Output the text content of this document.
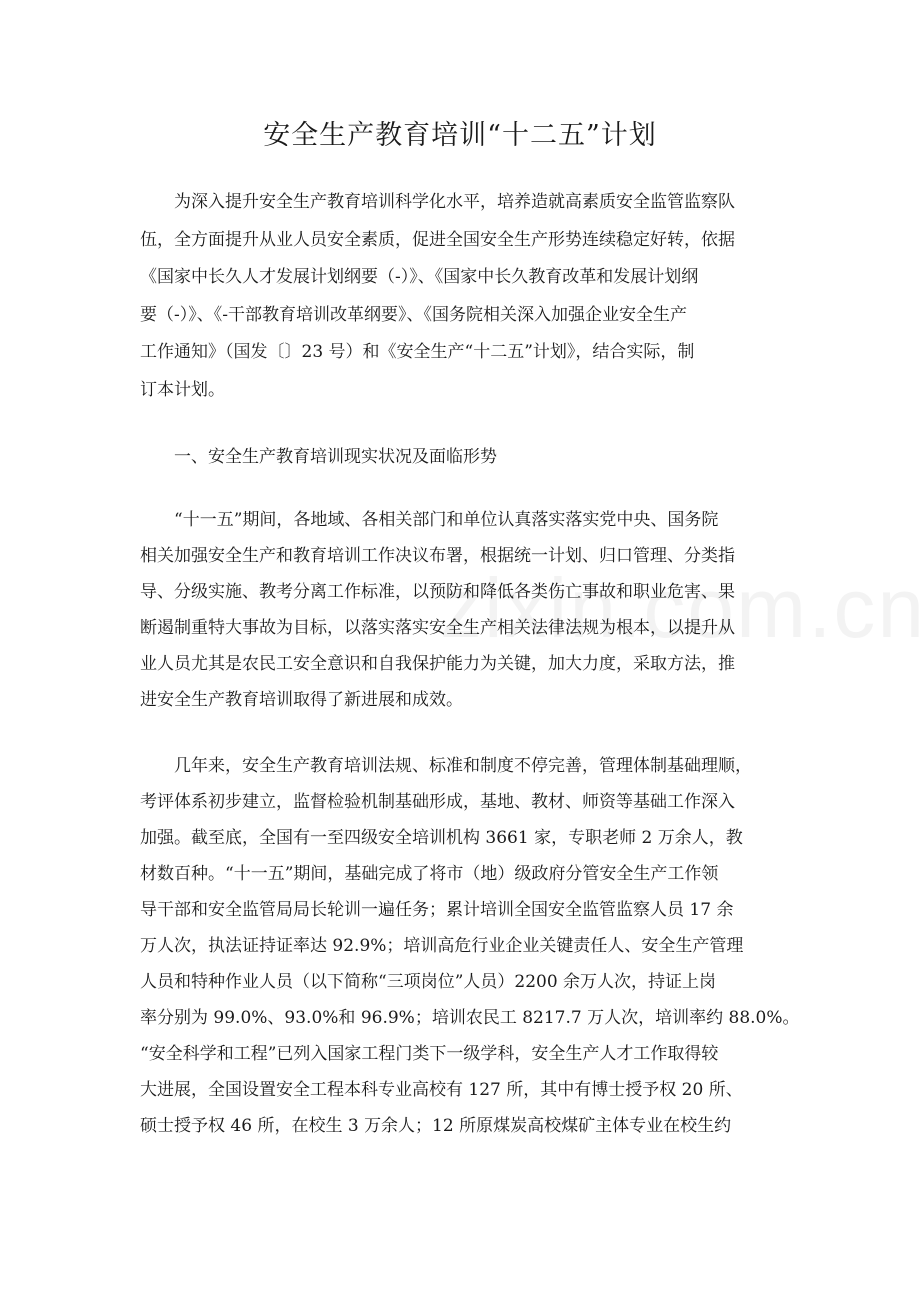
安全生产教育培训“十二五”计划
为深入提升安全生产教育培训科学化水平，培养造就高素质安全监管监察队
伍，全方面提升从业人员安全素质，促进全国安全生产形势连续稳定好转，依据
《国家中长久人才发展计划纲要（-）》、《国家中长久教育改革和发展计划纲
要（-）》、《-干部教育培训改革纲要》、《国务院相关深入加强企业安全生产
工作通知》（国发〔〕23 号）和《安全生产“十二五”计划》，结合实际，制
订本计划。
一、安全生产教育培训现实状况及面临形势
“十一五”期间，各地域、各相关部门和单位认真落实落实党中央、国务院
相关加强安全生产和教育培训工作决议布署，根据统一计划、归口管理、分类指
导、分级实施、教考分离工作标准，以预防和降低各类伤亡事故和职业危害、果
断遏制重特大事故为目标，以落实落实安全生产相关法律法规为根本，以提升从
业人员尤其是农民工安全意识和自我保护能力为关键，加大力度，采取方法，推
进安全生产教育培训取得了新进展和成效。
几年来，安全生产教育培训法规、标准和制度不停完善，管理体制基础理顺，
考评体系初步建立，监督检验机制基础形成，基地、教材、师资等基础工作深入
加强。截至底，全国有一至四级安全培训机构 3661 家，专职老师 2 万余人，教
材数百种。“十一五”期间，基础完成了将市（地）级政府分管安全生产工作领
导干部和安全监管局局长轮训一遍任务；累计培训全国安全监管监察人员 17 余
万人次，执法证持证率达 92.9%；培训高危行业企业关键责任人、安全生产管理
人员和特种作业人员（以下简称“三项岗位”人员）2200 余万人次，持证上岗
率分别为 99.0%、93.0%和 96.9%；培训农民工 8217.7 万人次，培训率约 88.0%。
“安全科学和工程”已列入国家工程门类下一级学科，安全生产人才工作取得较
大进展，全国设置安全工程本科专业高校有 127 所，其中有博士授予权 20 所、
硕士授予权 46 所，在校生 3 万余人；12 所原煤炭高校煤矿主体专业在校生约
